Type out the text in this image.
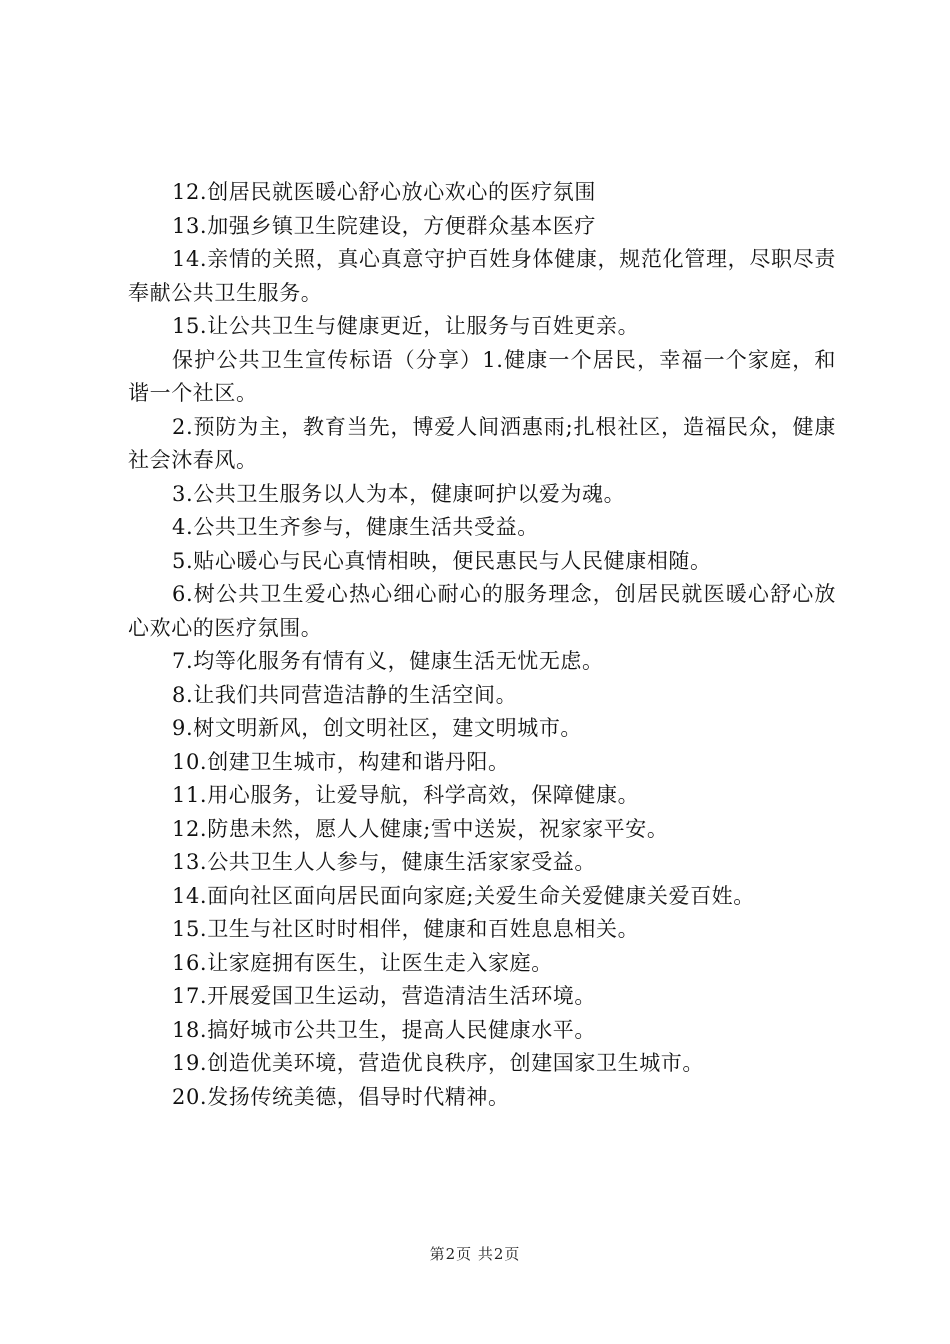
12.创居民就医暖心舒心放心欢心的医疗氛围

13.加强乡镇卫生院建设，方便群众基本医疗

14.亲情的关照，真心真意守护百姓身体健康，规范化管理，尽职尽责奉献公共卫生服务。

15.让公共卫生与健康更近，让服务与百姓更亲。

保护公共卫生宣传标语（分享）1.健康一个居民，幸福一个家庭，和谐一个社区。

2.预防为主，教育当先，博爱人间洒惠雨;扎根社区，造福民众，健康社会沐春风。

3.公共卫生服务以人为本，健康呵护以爱为魂。

4.公共卫生齐参与，健康生活共受益。

5.贴心暖心与民心真情相映，便民惠民与人民健康相随。

6.树公共卫生爱心热心细心耐心的服务理念，创居民就医暖心舒心放心欢心的医疗氛围。

7.均等化服务有情有义，健康生活无忧无虑。

8.让我们共同营造洁静的生活空间。

9.树文明新风，创文明社区，建文明城市。

10.创建卫生城市，构建和谐丹阳。

11.用心服务，让爱导航，科学高效，保障健康。

12.防患未然，愿人人健康;雪中送炭，祝家家平安。

13.公共卫生人人参与，健康生活家家受益。

14.面向社区面向居民面向家庭;关爱生命关爱健康关爱百姓。

15.卫生与社区时时相伴，健康和百姓息息相关。

16.让家庭拥有医生，让医生走入家庭。

17.开展爱国卫生运动，营造清洁生活环境。

18.搞好城市公共卫生，提高人民健康水平。

19.创造优美环境，营造优良秩序，创建国家卫生城市。

20.发扬传统美德，倡导时代精神。

第2页 共2页
